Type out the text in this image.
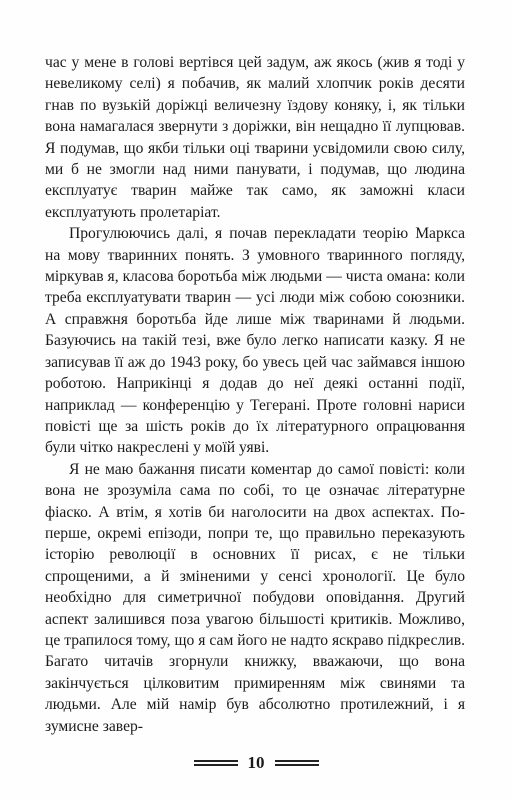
час у мене в голові вертівся цей задум, аж якось (жив я тоді у невеликому селі) я побачив, як малий хлопчик років десяти гнав по вузькій доріжці величезну їздову коняку, і, як тільки вона намагалася звернути з доріжки, він нещадно її лупцював. Я подумав, що якби тільки оці тварини усвідомили свою силу, ми б не змогли над ними панувати, і подумав, що людина експлуатує тварин майже так само, як заможні класи експлуатують пролетаріат.

Прогулюючись далі, я почав перекладати теорію Маркса на мову тваринних понять. З умовного тваринного погляду, міркував я, класова боротьба між людьми — чиста омана: коли треба експлуатувати тварин — усі люди між собою союзники. А справжня боротьба йде лише між тваринами й людьми. Базуючись на такій тезі, вже було легко написати казку. Я не записував її аж до 1943 року, бо увесь цей час займався іншою роботою. Наприкінці я додав до неї деякі останні події, наприклад — конференцію у Тегерані. Проте головні нариси повісті ще за шість років до їх літературного опрацювання були чітко накреслені у моїй уяві.

Я не маю бажання писати коментар до самої повісті: коли вона не зрозуміла сама по собі, то це означає літературне фіаско. А втім, я хотів би наголосити на двох аспектах. По-перше, окремі епізоди, попри те, що правильно переказують історію революції в основних її рисах, є не тільки спрощеними, а й зміненими у сенсі хронології. Це було необхідно для симетричної побудови оповідання. Другий аспект залишився поза увагою більшості критиків. Можливо, це трапилося тому, що я сам його не надто яскраво підкреслив. Багато читачів згорнули книжку, вважаючи, що вона закінчується цілковитим примиренням між свинями та людьми. Але мій намір був абсолютно протилежний, і я зумисне завер-

10
